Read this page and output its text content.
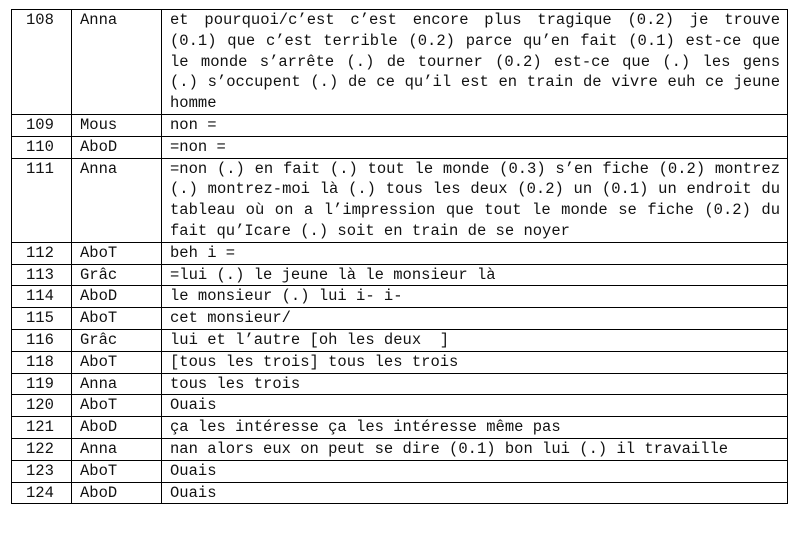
108	Anna	et pourquoi/c’est c’est encore plus tragique (0.2) je trouve (0.1) que c’est terrible (0.2) parce qu’en fait (0.1) est-ce que le monde s’arrête (.) de tourner (0.2) est-ce que (.) les gens (.) s’occupent (.) de ce qu’il est en train de vivre euh ce jeune homme
109	Mous	non =
110	AboD	=non =
111	Anna	=non (.) en fait (.) tout le monde (0.3) s’en fiche (0.2) montrez (.) montrez-moi là (.) tous les deux (0.2) un (0.1) un endroit du tableau où on a l’impression que tout le monde se fiche (0.2) du fait qu’Icare (.) soit en train de se noyer
112	AboT	beh i =
113	Grâc	=lui (.) le jeune là le monsieur là
114	AboD	le monsieur (.) lui i- i-
115	AboT	cet monsieur/
116	Grâc	lui et l’autre [oh les deux  ]
118	AboT	[tous les trois] tous les trois
119	Anna	tous les trois
120	AboT	Ouais
121	AboD	ça les intéresse ça les intéresse même pas
122	Anna	nan alors eux on peut se dire (0.1) bon lui (.) il travaille
123	AboT	Ouais
124	AboD	Ouais
